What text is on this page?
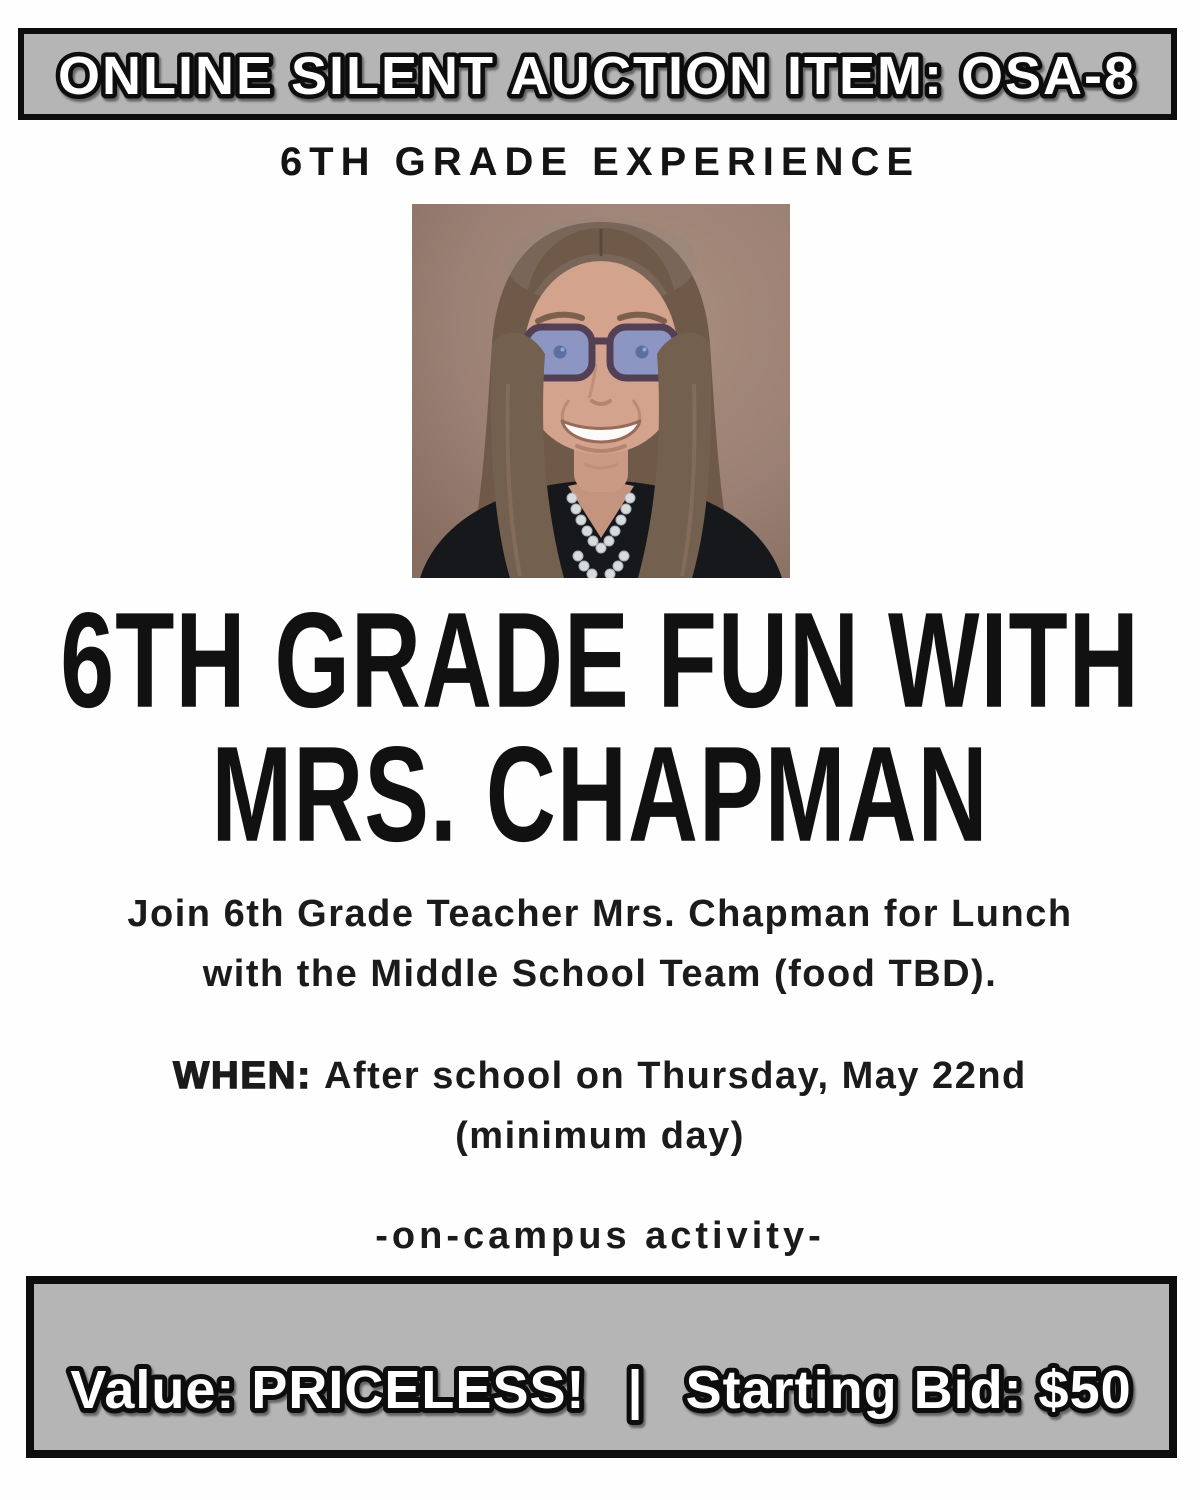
ONLINE SILENT AUCTION ITEM: OSA-8
6TH GRADE EXPERIENCE
6TH GRADE FUN WITH
MRS. CHAPMAN
Join 6th Grade Teacher Mrs. Chapman for Lunch
with the Middle School Team (food TBD).
WHEN: After school on Thursday, May 22nd
(minimum day)
-on-campus activity-
Value: PRICELESS! | Starting Bid: $50
